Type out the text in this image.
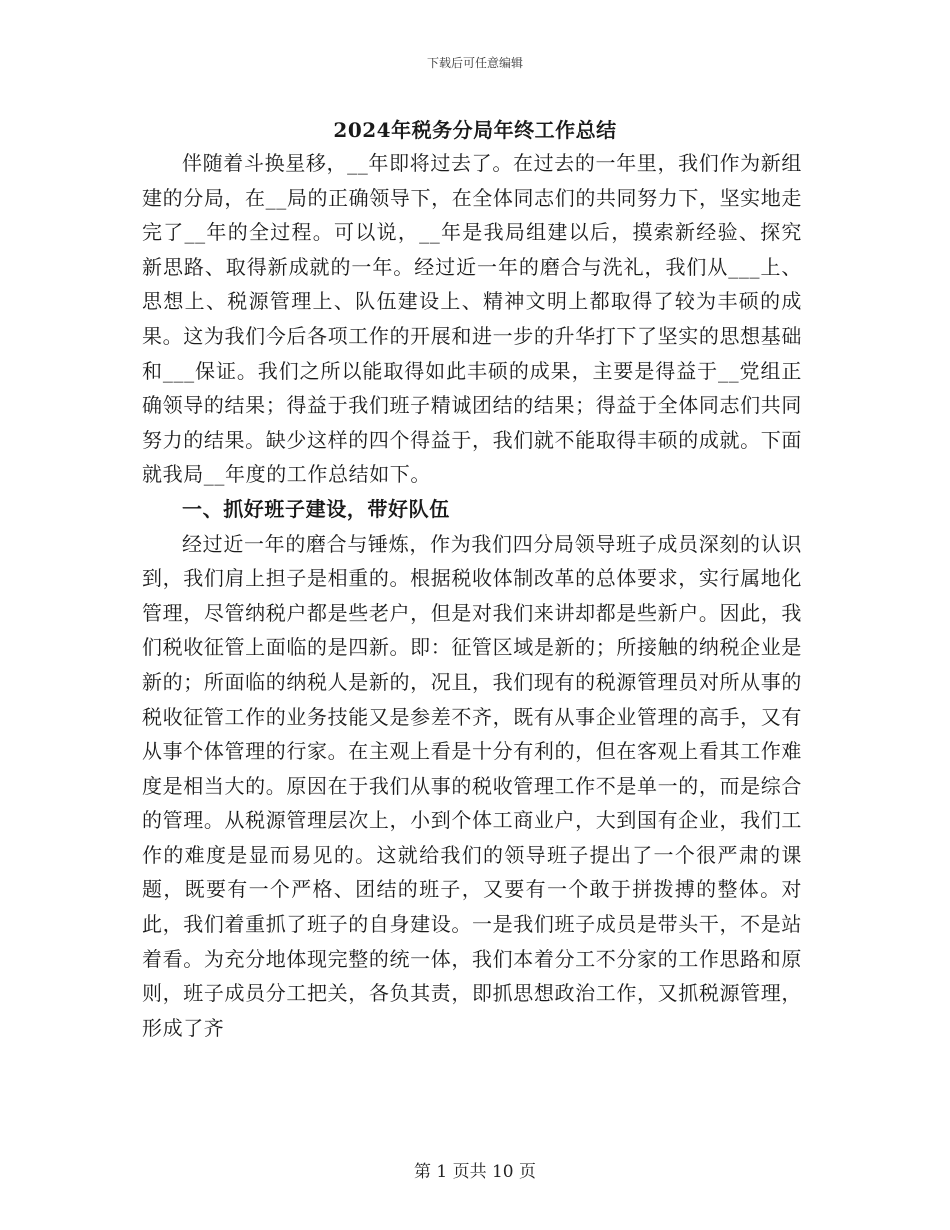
下载后可任意编辑
2024年税务分局年终工作总结

伴随着斗换星移，__年即将过去了。在过去的一年里，我们作为新组建的分局，在__局的正确领导下，在全体同志们的共同努力下，坚实地走完了__年的全过程。可以说，__年是我局组建以后，摸索新经验、探究新思路、取得新成就的一年。经过近一年的磨合与洗礼，我们从___上、思想上、税源管理上、队伍建设上、精神文明上都取得了较为丰硕的成果。这为我们今后各项工作的开展和进一步的升华打下了坚实的思想基础和___保证。我们之所以能取得如此丰硕的成果，主要是得益于__党组正确领导的结果；得益于我们班子精诚团结的结果；得益于全体同志们共同努力的结果。缺少这样的四个得益于，我们就不能取得丰硕的成就。下面就我局__年度的工作总结如下。

一、抓好班子建设，带好队伍

经过近一年的磨合与锤炼，作为我们四分局领导班子成员深刻的认识到，我们肩上担子是相重的。根据税收体制改革的总体要求，实行属地化管理，尽管纳税户都是些老户，但是对我们来讲却都是些新户。因此，我们税收征管上面临的是四新。即：征管区域是新的；所接触的纳税企业是新的；所面临的纳税人是新的，况且，我们现有的税源管理员对所从事的税收征管工作的业务技能又是参差不齐，既有从事企业管理的高手，又有从事个体管理的行家。在主观上看是十分有利的，但在客观上看其工作难度是相当大的。原因在于我们从事的税收管理工作不是单一的，而是综合的管理。从税源管理层次上，小到个体工商业户，大到国有企业，我们工作的难度是显而易见的。这就给我们的领导班子提出了一个很严肃的课题，既要有一个严格、团结的班子，又要有一个敢于拼拨搏的整体。对此，我们着重抓了班子的自身建设。一是我们班子成员是带头干，不是站着看。为充分地体现完整的统一体，我们本着分工不分家的工作思路和原则，班子成员分工把关，各负其责，即抓思想政治工作，又抓税源管理，形成了齐

第 1 页共 10 页
